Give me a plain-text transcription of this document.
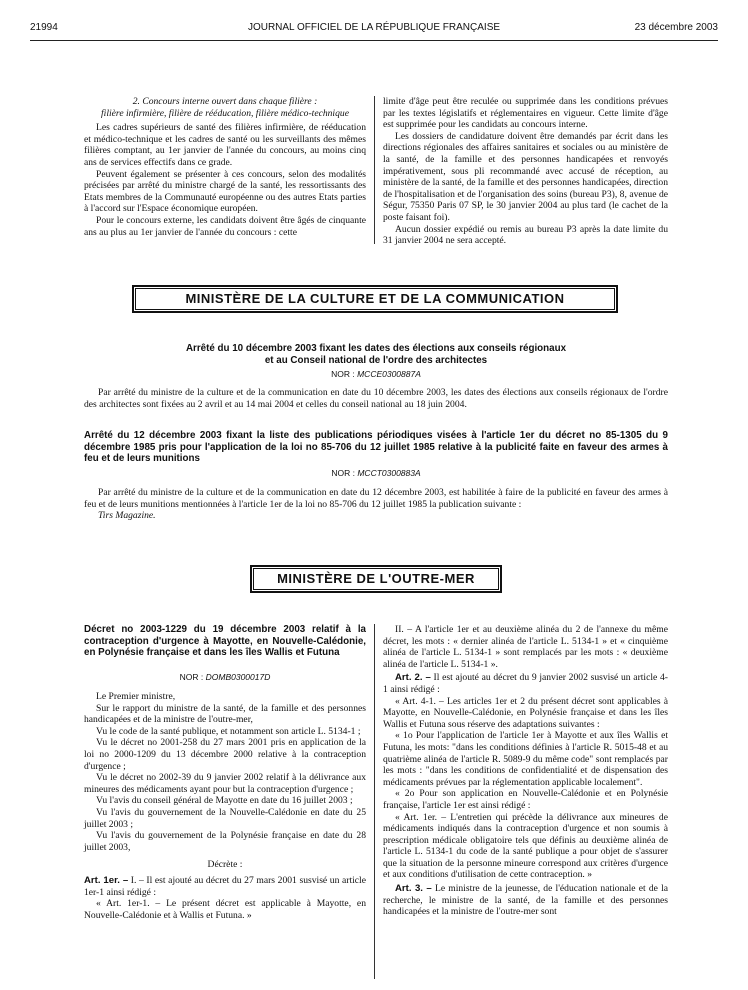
21994	JOURNAL OFFICIEL DE LA RÉPUBLIQUE FRANÇAISE	23 décembre 2003

2. Concours interne ouvert dans chaque filière :

filière infirmière, filière de rééducation, filière médico-technique

Les cadres supérieurs de santé des filières infirmière, de rééducation et médico-technique et les cadres de santé ou les surveillants des mêmes filières comptant, au 1er janvier de l'année du concours, au moins cinq ans de services effectifs dans ce grade.

Peuvent également se présenter à ces concours, selon des modalités précisées par arrêté du ministre chargé de la santé, les ressortissants des Etats membres de la Communauté européenne ou des autres Etats parties à l'accord sur l'Espace économique européen.

Pour le concours externe, les candidats doivent être âgés de cinquante ans au plus au 1er janvier de l'année du concours : cette

limite d'âge peut être reculée ou supprimée dans les conditions prévues par les textes législatifs et réglementaires en vigueur. Cette limite d'âge est supprimée pour les candidats au concours interne.

Les dossiers de candidature doivent être demandés par écrit dans les directions régionales des affaires sanitaires et sociales ou au ministère de la santé, de la famille et des personnes handicapées et renvoyés impérativement, sous pli recommandé avec accusé de réception, au ministère de la santé, de la famille et des personnes handicapées, direction de l'hospitalisation et de l'organisation des soins (bureau P3), 8, avenue de Ségur, 75350 Paris 07 SP, le 30 janvier 2004 au plus tard (le cachet de la poste faisant foi).

Aucun dossier expédié ou remis au bureau P3 après la date limite du 31 janvier 2004 ne sera accepté.

MINISTÈRE DE LA CULTURE ET DE LA COMMUNICATION
Arrêté du 10 décembre 2003 fixant les dates des élections aux conseils régionaux
et au Conseil national de l'ordre des architectes
NOR : MCCE0300887A

Par arrêté du ministre de la culture et de la communication en date du 10 décembre 2003, les dates des élections aux conseils régionaux de l'ordre des architectes sont fixées au 2 avril et au 14 mai 2004 et celles du conseil national au 18 juin 2004.

Arrêté du 12 décembre 2003 fixant la liste des publications périodiques visées à l'article 1er du décret no 85-1305 du 9 décembre 1985 pris pour l'application de la loi no 85-706 du 12 juillet 1985 relative à la publicité faite en faveur des armes à feu et de leurs munitions
NOR : MCCT0300883A

Par arrêté du ministre de la culture et de la communication en date du 12 décembre 2003, est habilitée à faire de la publicité en faveur des armes à feu et de leurs munitions mentionnées à l'article 1er de la loi no 85-706 du 12 juillet 1985 la publication suivante :

Tirs Magazine.

MINISTÈRE DE L'OUTRE-MER
Décret no 2003-1229 du 19 décembre 2003 relatif à la contraception d'urgence à Mayotte, en Nouvelle-Calédonie, en Polynésie française et dans les îles Wallis et Futuna
NOR : DOMB0300017D

Le Premier ministre,

Sur le rapport du ministre de la santé, de la famille et des personnes handicapées et de la ministre de l'outre-mer,

Vu le code de la santé publique, et notamment son article L. 5134-1 ;

Vu le décret no 2001-258 du 27 mars 2001 pris en application de la loi no 2000-1209 du 13 décembre 2000 relative à la contraception d'urgence ;

Vu le décret no 2002-39 du 9 janvier 2002 relatif à la délivrance aux mineures des médicaments ayant pour but la contraception d'urgence ;

Vu l'avis du conseil général de Mayotte en date du 16 juillet 2003 ;

Vu l'avis du gouvernement de la Nouvelle-Calédonie en date du 25 juillet 2003 ;

Vu l'avis du gouvernement de la Polynésie française en date du 28 juillet 2003,

Décrète :

Art. 1er. – I. – Il est ajouté au décret du 27 mars 2001 susvisé un article 1er-1 ainsi rédigé :

« Art. 1er-1. – Le présent décret est applicable à Mayotte, en Nouvelle-Calédonie et à Wallis et Futuna. »

II. – A l'article 1er et au deuxième alinéa du 2 de l'annexe du même décret, les mots : « dernier alinéa de l'article L. 5134-1 » et « cinquième alinéa de l'article L. 5134-1 » sont remplacés par les mots : « deuxième alinéa de l'article L. 5134-1 ».

Art. 2. – Il est ajouté au décret du 9 janvier 2002 susvisé un article 4-1 ainsi rédigé :

« Art. 4-1. – Les articles 1er et 2 du présent décret sont applicables à Mayotte, en Nouvelle-Calédonie, en Polynésie française et dans les îles Wallis et Futuna sous réserve des adaptations suivantes :

« 1o Pour l'application de l'article 1er à Mayotte et aux îles Wallis et Futuna, les mots: "dans les conditions définies à l'article R. 5015-48 et au quatrième alinéa de l'article R. 5089-9 du même code" sont remplacés par les mots : "dans les conditions de confidentialité et de dispensation des médicaments prévues par la réglementation applicable localement".

« 2o Pour son application en Nouvelle-Calédonie et en Polynésie française, l'article 1er est ainsi rédigé :

« Art. 1er. – L'entretien qui précède la délivrance aux mineures de médicaments indiqués dans la contraception d'urgence et non soumis à prescription médicale obligatoire tels que définis au deuxième alinéa de l'article L. 5134-1 du code de la santé publique a pour objet de s'assurer que la situation de la personne mineure correspond aux critères d'urgence et aux conditions d'utilisation de cette contraception. »

Art. 3. – Le ministre de la jeunesse, de l'éducation nationale et de la recherche, le ministre de la santé, de la famille et des personnes handicapées et la ministre de l'outre-mer sont
